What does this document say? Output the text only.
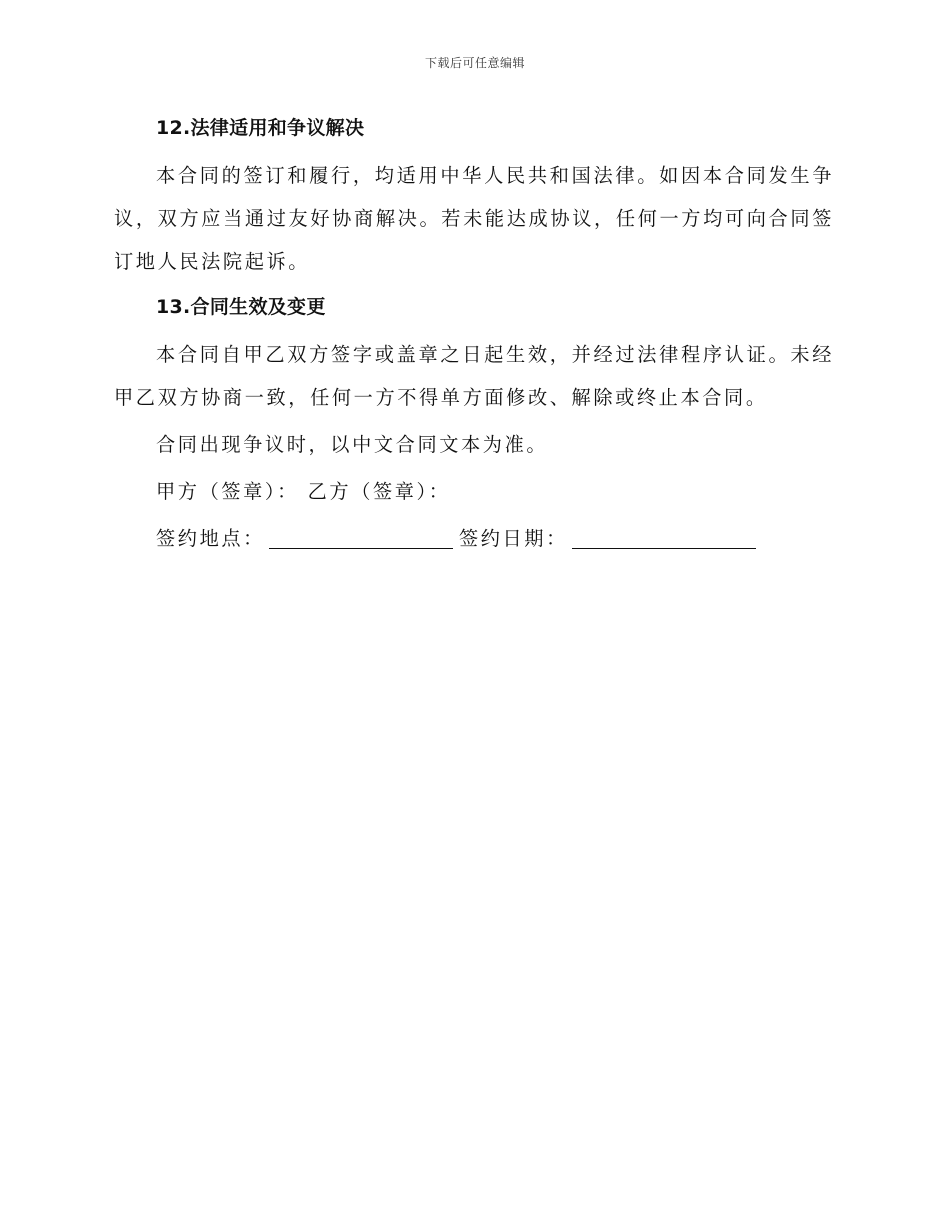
下载后可任意编辑
12.法律适用和争议解决

本合同的签订和履行，均适用中华人民共和国法律。如因本合同发生争议，双方应当通过友好协商解决。若未能达成协议，任何一方均可向合同签订地人民法院起诉。

13.合同生效及变更

本合同自甲乙双方签字或盖章之日起生效，并经过法律程序认证。未经甲乙双方协商一致，任何一方不得单方面修改、解除或终止本合同。

合同出现争议时，以中文合同文本为准。

甲方（签章）： 乙方（签章）：
签约地点：	签约日期：
